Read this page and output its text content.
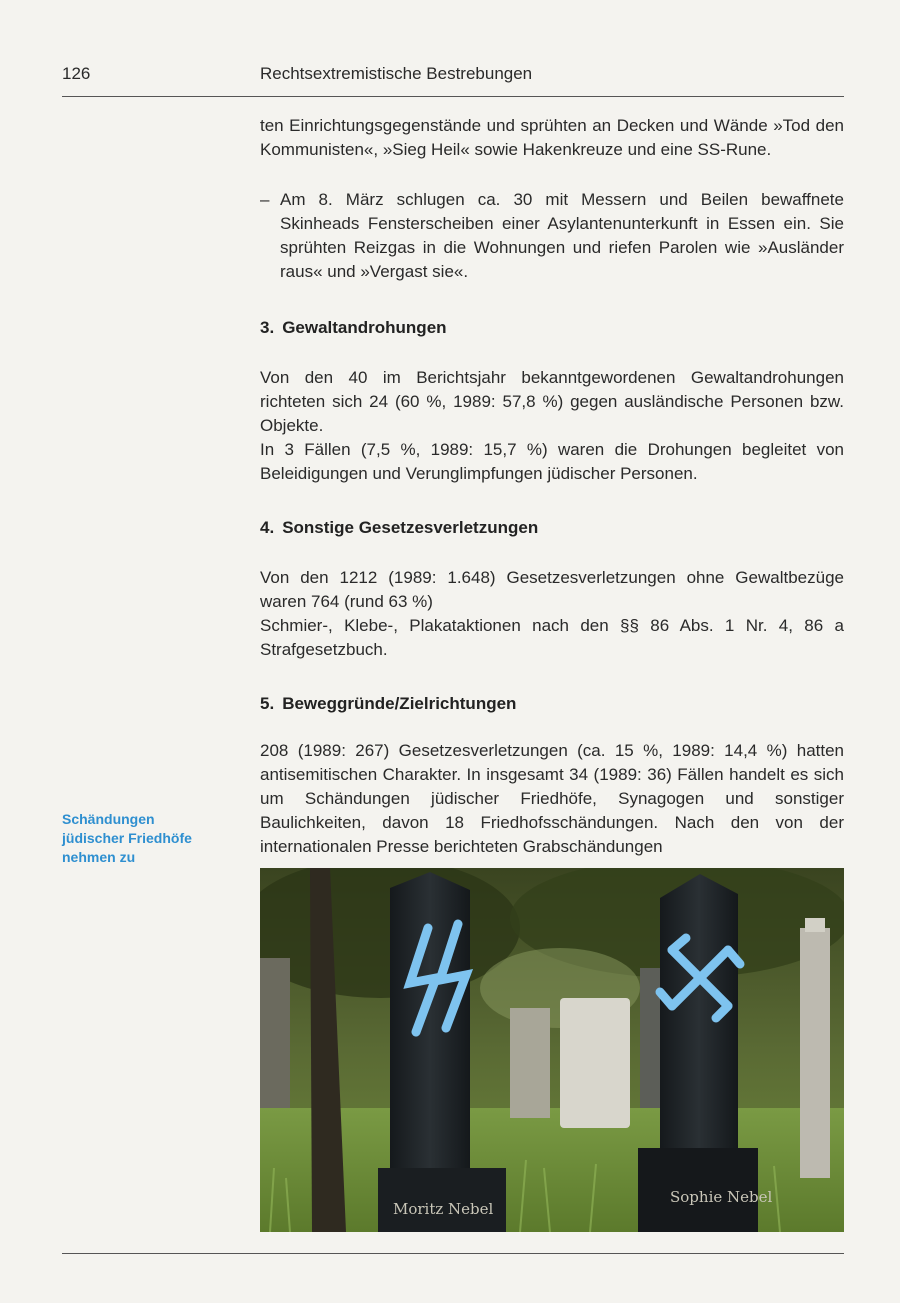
126	Rechtsextremistische Bestrebungen

ten Einrichtungsgegenstände und sprühten an Decken und Wände »Tod den Kommunisten«, »Sieg Heil« sowie Hakenkreuze und eine SS-Rune.

– Am 8. März schlugen ca. 30 mit Messern und Beilen bewaffnete Skinheads Fensterscheiben einer Asylantenunterkunft in Essen ein. Sie sprühten Reizgas in die Wohnungen und riefen Parolen wie »Ausländer raus« und »Vergast sie«.

3. Gewaltandrohungen

Von den 40 im Berichtsjahr bekanntgewordenen Gewaltandrohungen richteten sich 24 (60 %, 1989: 57,8 %) gegen ausländische Personen bzw. Objekte.

In 3 Fällen (7,5 %, 1989: 15,7 %) waren die Drohungen begleitet von Beleidigungen und Verunglimpfungen jüdischer Personen.

4. Sonstige Gesetzesverletzungen

Von den 1212 (1989: 1.648) Gesetzesverletzungen ohne Gewaltbezüge waren 764 (rund 63 %)

Schmier-, Klebe-, Plakataktionen nach den §§ 86 Abs. 1 Nr. 4, 86 a Strafgesetzbuch.

5. Beweggründe/Zielrichtungen

208 (1989: 267) Gesetzesverletzungen (ca. 15 %, 1989: 14,4 %) hatten antisemitischen Charakter. In insgesamt 34 (1989: 36) Fällen handelt es sich um Schändungen jüdischer Friedhöfe, Synagogen und sonstiger Baulichkeiten, davon 18 Friedhofsschändungen. Nach den von der internationalen Presse berichteten Grabschändungen

Schändungen jüdischer Friedhöfe nehmen zu
Moritz Nebel
Sophie Nebel
